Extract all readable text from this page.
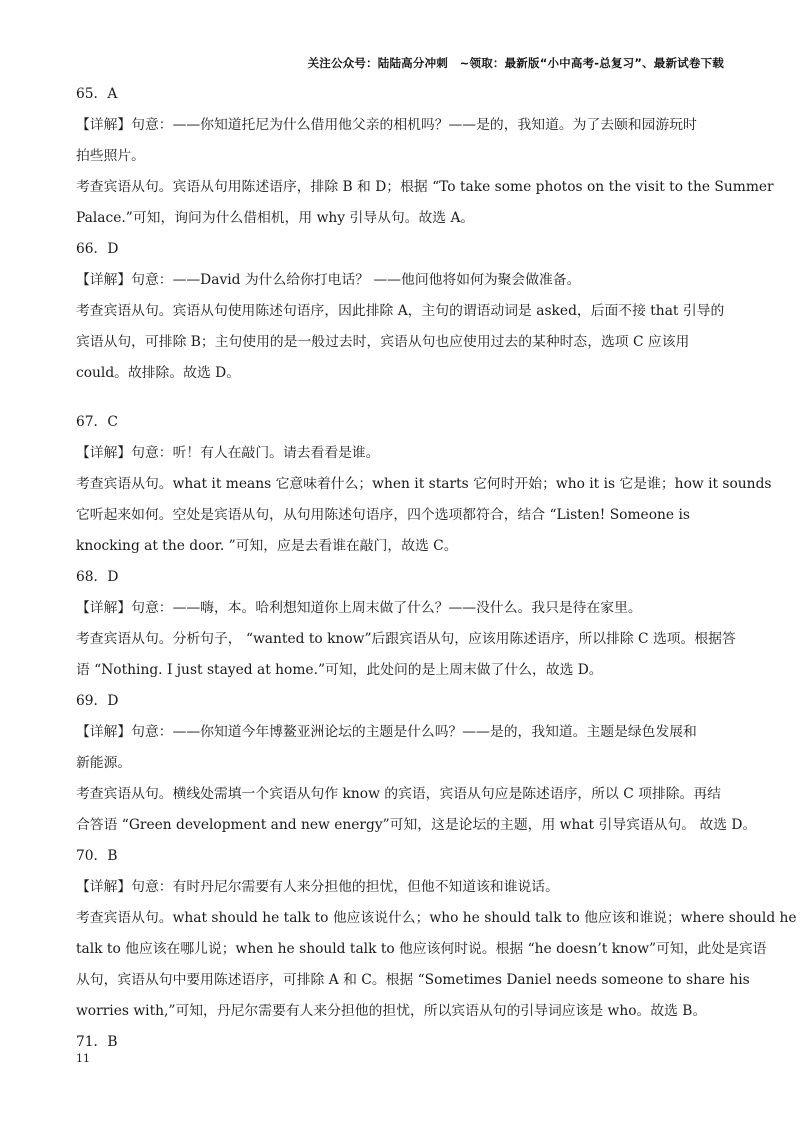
关注公众号：陆陆高分冲刺　~领取：最新版“小中高考-总复习”、最新试卷下载
65．A
【详解】句意：——你知道托尼为什么借用他父亲的相机吗？——是的，我知道。为了去颐和园游玩时
拍些照片。
考查宾语从句。宾语从句用陈述语序，排除 B 和 D；根据 “To take some photos on the visit to the Summer
Palace.”可知，询问为什么借相机，用 why 引导从句。故选 A。
66．D
【详解】句意：——David 为什么给你打电话？ ——他问他将如何为聚会做准备。
考查宾语从句。宾语从句使用陈述句语序，因此排除 A，主句的谓语动词是 asked，后面不接 that 引导的
宾语从句，可排除 B；主句使用的是一般过去时，宾语从句也应使用过去的某种时态，选项 C 应该用
could。故排除。故选 D。
67．C
【详解】句意：听！有人在敲门。请去看看是谁。
考查宾语从句。what it means 它意味着什么；when it starts 它何时开始；who it is 它是谁；how it sounds
它听起来如何。空处是宾语从句，从句用陈述句语序，四个选项都符合，结合 “Listen! Someone is
knocking at the door. ”可知，应是去看谁在敲门，故选 C。
68．D
【详解】句意：——嗨，本。哈利想知道你上周末做了什么？——没什么。我只是待在家里。
考查宾语从句。分析句子， “wanted to know”后跟宾语从句，应该用陈述语序，所以排除 C 选项。根据答
语 “Nothing. I just stayed at home.”可知，此处问的是上周末做了什么，故选 D。
69．D
【详解】句意：——你知道今年博鳌亚洲论坛的主题是什么吗？——是的，我知道。主题是绿色发展和
新能源。
考查宾语从句。横线处需填一个宾语从句作 know 的宾语，宾语从句应是陈述语序，所以 C 项排除。再结
合答语 “Green development and new energy”可知，这是论坛的主题，用 what 引导宾语从句。 故选 D。
70．B
【详解】句意：有时丹尼尔需要有人来分担他的担忧，但他不知道该和谁说话。
考查宾语从句。what should he talk to 他应该说什么；who he should talk to 他应该和谁说；where should he
talk to 他应该在哪儿说；when he should talk to 他应该何时说。根据 “he doesn’t know”可知，此处是宾语
从句，宾语从句中要用陈述语序，可排除 A 和 C。根据 “Sometimes Daniel needs someone to share his
worries with,”可知，丹尼尔需要有人来分担他的担忧，所以宾语从句的引导词应该是 who。故选 B。
71．B
11
